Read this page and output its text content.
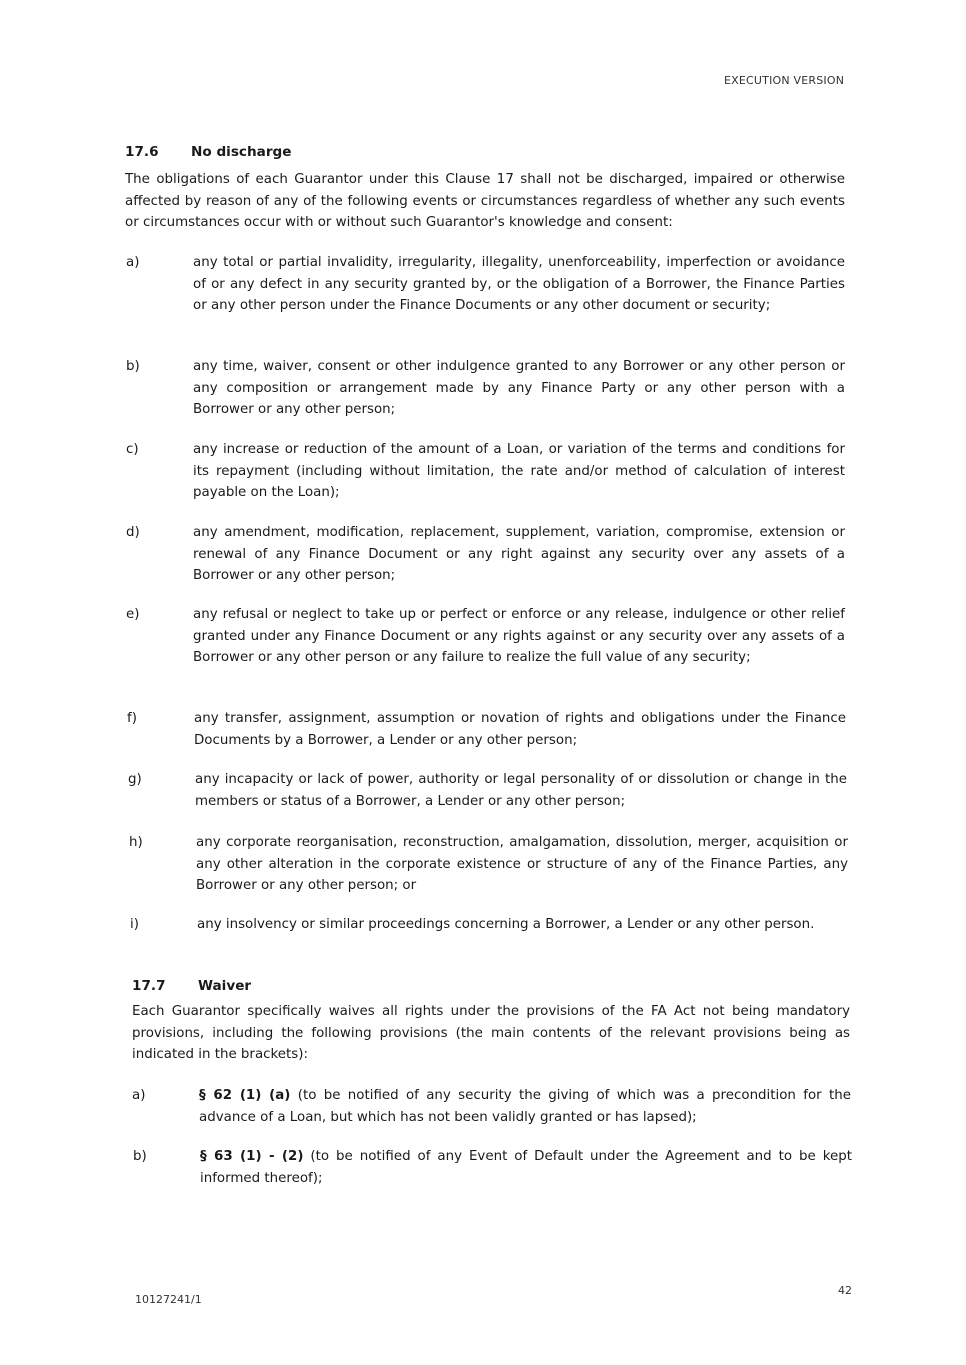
EXECUTION VERSION
17.6 No discharge
The obligations of each Guarantor under this Clause 17 shall not be discharged, impaired or otherwise affected by reason of any of the following events or circumstances regardless of whether any such events or circumstances occur with or without such Guarantor's knowledge and consent:
a)	any total or partial invalidity, irregularity, illegality, unenforceability, imperfection or avoidance of or any defect in any security granted by, or the obligation of a Borrower, the Finance Parties or any other person under the Finance Documents or any other document or security;
b)	any time, waiver, consent or other indulgence granted to any Borrower or any other person or any composition or arrangement made by any Finance Party or any other person with a Borrower or any other person;
c)	any increase or reduction of the amount of a Loan, or variation of the terms and conditions for its repayment (including without limitation, the rate and/or method of calculation of interest payable on the Loan);
d)	any amendment, modification, replacement, supplement, variation, compromise, extension or renewal of any Finance Document or any right against any security over any assets of a Borrower or any other person;
e)	any refusal or neglect to take up or perfect or enforce or any release, indulgence or other relief granted under any Finance Document or any rights against or any security over any assets of a Borrower or any other person or any failure to realize the full value of any security;
f)	any transfer, assignment, assumption or novation of rights and obligations under the Finance Documents by a Borrower, a Lender or any other person;
g)	any incapacity or lack of power, authority or legal personality of or dissolution or change in the members or status of a Borrower, a Lender or any other person;
h)	any corporate reorganisation, reconstruction, amalgamation, dissolution, merger, acquisition or any other alteration in the corporate existence or structure of any of the Finance Parties, any Borrower or any other person; or
i)	any insolvency or similar proceedings concerning a Borrower, a Lender or any other person.
17.7 Waiver
Each Guarantor specifically waives all rights under the provisions of the FA Act not being mandatory provisions, including the following provisions (the main contents of the relevant provisions being as indicated in the brackets):
a)	§ 62 (1) (a) (to be notified of any security the giving of which was a precondition for the advance of a Loan, but which has not been validly granted or has lapsed);
b)	§ 63 (1) - (2) (to be notified of any Event of Default under the Agreement and to be kept informed thereof);
10127241/1
42
